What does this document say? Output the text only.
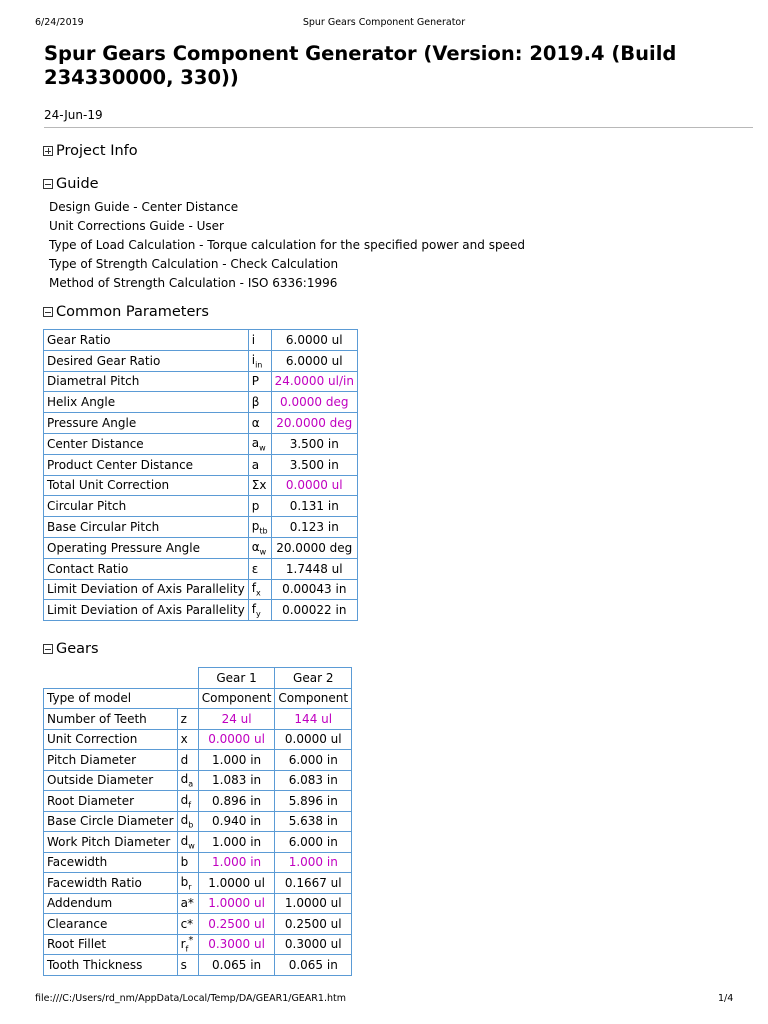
6/24/2019	Spur Gears Component Generator
Spur Gears Component Generator (Version: 2019.4 (Build 234330000, 330))
24-Jun-19
Project Info
Guide
Design Guide - Center Distance
Unit Corrections Guide - User
Type of Load Calculation - Torque calculation for the specified power and speed
Type of Strength Calculation - Check Calculation
Method of Strength Calculation - ISO 6336:1996
Common Parameters
Gear Ratio	i	6.0000 ul
Desired Gear Ratio	$i_{in}$	6.0000 ul
Diametral Pitch	P	24.0000 ul/in
Helix Angle	β	0.0000 deg
Pressure Angle	α	20.0000 deg
Center Distance	$a_w$	3.500 in
Product Center Distance	a	3.500 in
Total Unit Correction	Σx	0.0000 ul
Circular Pitch	p	0.131 in
Base Circular Pitch	$p_{tb}$	0.123 in
Operating Pressure Angle	$\alpha_w$	20.0000 deg
Contact Ratio	ε	1.7448 ul
Limit Deviation of Axis Parallelity	$f_x$	0.00043 in
Limit Deviation of Axis Parallelity	$f_y$	0.00022 in
Gears
		Gear 1	Gear 2
Type of model		Component	Component
Number of Teeth	z	24 ul	144 ul
Unit Correction	x	0.0000 ul	0.0000 ul
Pitch Diameter	d	1.000 in	6.000 in
Outside Diameter	$d_a$	1.083 in	6.083 in
Root Diameter	$d_f$	0.896 in	5.896 in
Base Circle Diameter	$d_b$	0.940 in	5.638 in
Work Pitch Diameter	$d_w$	1.000 in	6.000 in
Facewidth	b	1.000 in	1.000 in
Facewidth Ratio	$b_r$	1.0000 ul	0.1667 ul
Addendum	a*	1.0000 ul	1.0000 ul
Clearance	c*	0.2500 ul	0.2500 ul
Root Fillet	$r_f^*$	0.3000 ul	0.3000 ul
Tooth Thickness	s	0.065 in	0.065 in
file:///C:/Users/rd_nm/AppData/Local/Temp/DA/GEAR1/GEAR1.htm	1/4
